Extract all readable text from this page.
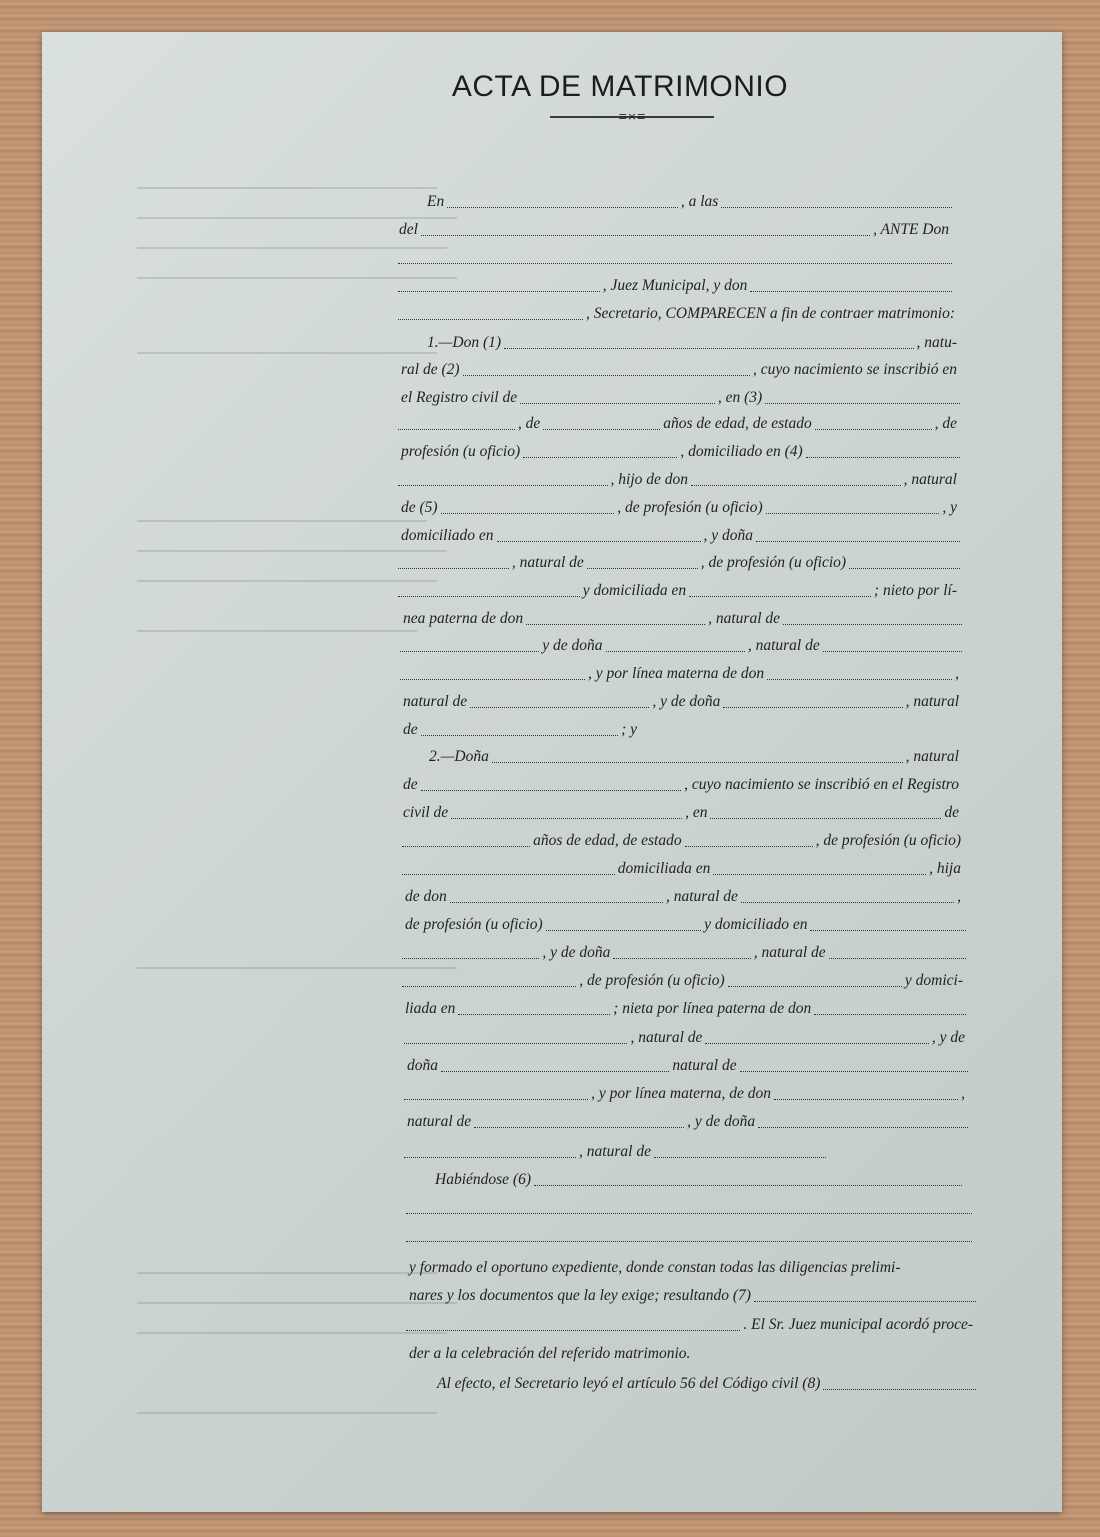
ACTA DE MATRIMONIO
≡×≡
En	, a las
del	, ANTE Don
, Juez Municipal, y don
, Secretario, COMPARECEN a fin de contraer matrimonio:
1.—Don (1)	, natu-
ral de (2)	, cuyo nacimiento se inscribió en
el Registro civil de	, en (3)
, de	años de edad, de estado	, de
profesión (u oficio)	, domiciliado en (4)
, hijo de don	, natural
de (5)	, de profesión (u oficio)	, y
domiciliado en	, y doña
, natural de	, de profesión (u oficio)
y domiciliada en	; nieto por lí-
nea paterna de don	, natural de
y de doña	, natural de
, y por línea materna de don	,
natural de	, y de doña	, natural
de	; y
2.—Doña	, natural
de	, cuyo nacimiento se inscribió en el Registro
civil de	, en	de
años de edad, de estado	, de profesión (u oficio)
domiciliada en	, hija
de don	, natural de	,
de profesión (u oficio)	y domiciliado en
, y de doña	, natural de
, de profesión (u oficio)	y domici-
liada en	; nieta por línea paterna de don
, natural de	, y de
doña	natural de
, y por línea materna, de don	,
natural de	, y de doña
, natural de
Habiéndose (6)
y formado el oportuno expediente, donde constan todas las diligencias prelimi-
nares y los documentos que la ley exige; resultando (7)
. El Sr. Juez municipal acordó proce-
der a la celebración del referido matrimonio.
Al efecto, el Secretario leyó el artículo 56 del Código civil (8)
